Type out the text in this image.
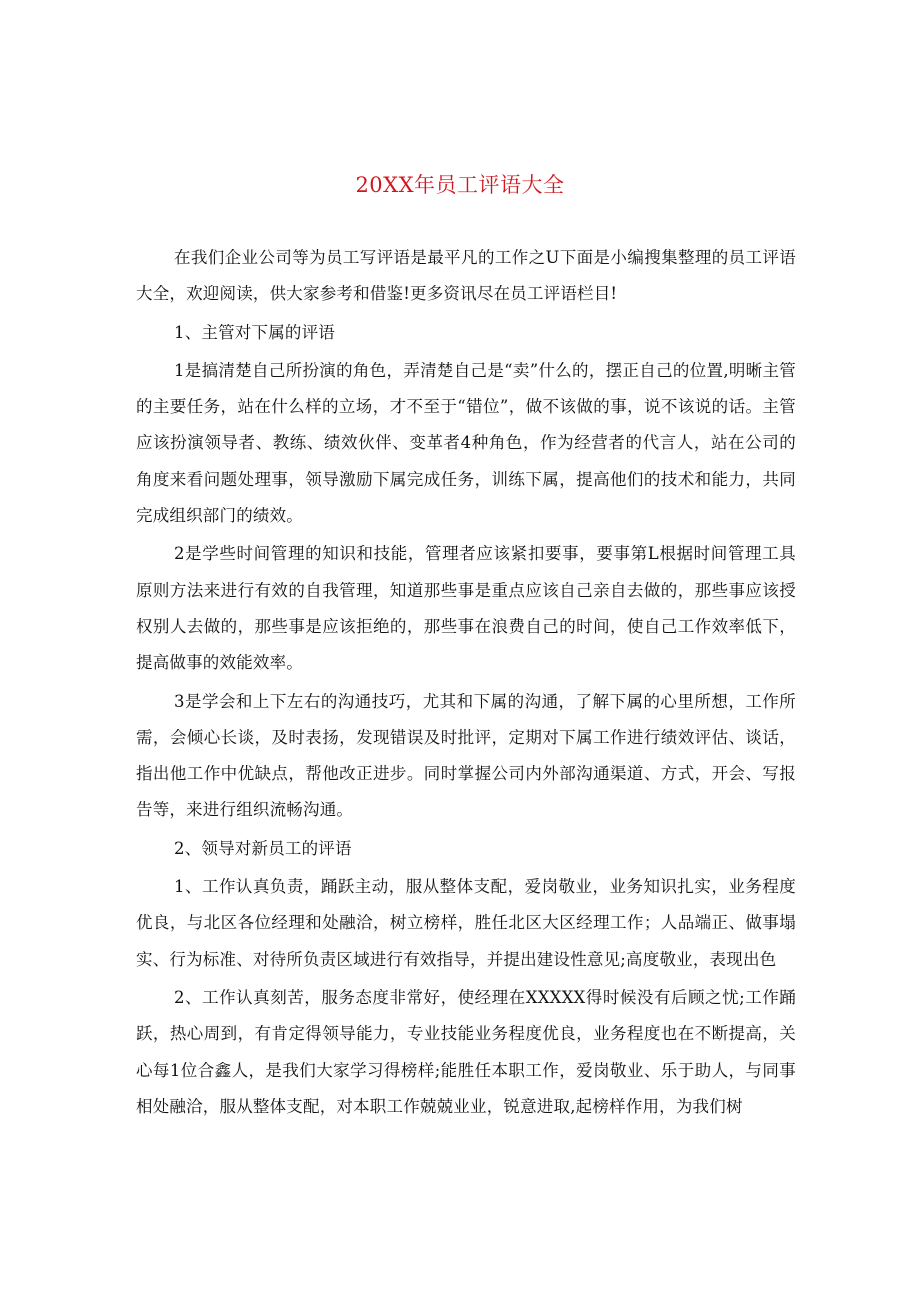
20XX年员工评语大全

在我们企业公司等为员工写评语是最平凡的工作之U下面是小编搜集整理的员工评语大全，欢迎阅读，供大家参考和借鉴!更多资讯尽在员工评语栏目!

1、主管对下属的评语

1是搞清楚自己所扮演的角色，弄清楚自己是“卖”什么的，摆正自己的位置,明晰主管的主要任务，站在什么样的立场，才不至于“错位”，做不该做的事，说不该说的话。主管应该扮演领导者、教练、绩效伙伴、变革者4种角色，作为经营者的代言人，站在公司的角度来看问题处理事，领导激励下属完成任务，训练下属，提高他们的技术和能力，共同完成组织部门的绩效。

2是学些时间管理的知识和技能，管理者应该紧扣要事，要事第L根据时间管理工具原则方法来进行有效的自我管理，知道那些事是重点应该自己亲自去做的，那些事应该授权别人去做的，那些事是应该拒绝的，那些事在浪费自己的时间，使自己工作效率低下，提高做事的效能效率。

3是学会和上下左右的沟通技巧，尤其和下属的沟通，了解下属的心里所想，工作所需，会倾心长谈，及时表扬，发现错误及时批评，定期对下属工作进行绩效评估、谈话，指出他工作中优缺点，帮他改正进步。同时掌握公司内外部沟通渠道、方式，开会、写报告等，来进行组织流畅沟通。

2、领导对新员工的评语

1、工作认真负责，踊跃主动，服从整体支配，爱岗敬业，业务知识扎实，业务程度优良，与北区各位经理和处融洽，树立榜样，胜任北区大区经理工作；人品端正、做事塌实、行为标准、对待所负责区域进行有效指导，并提出建设性意见;高度敬业，表现出色

2、工作认真刻苦，服务态度非常好，使经理在XXXXX得时候没有后顾之忧;工作踊跃，热心周到，有肯定得领导能力，专业技能业务程度优良，业务程度也在不断提高，关心每1位合鑫人，是我们大家学习得榜样;能胜任本职工作，爱岗敬业、乐于助人，与同事相处融洽，服从整体支配，对本职工作兢兢业业，锐意进取,起榜样作用，为我们树
